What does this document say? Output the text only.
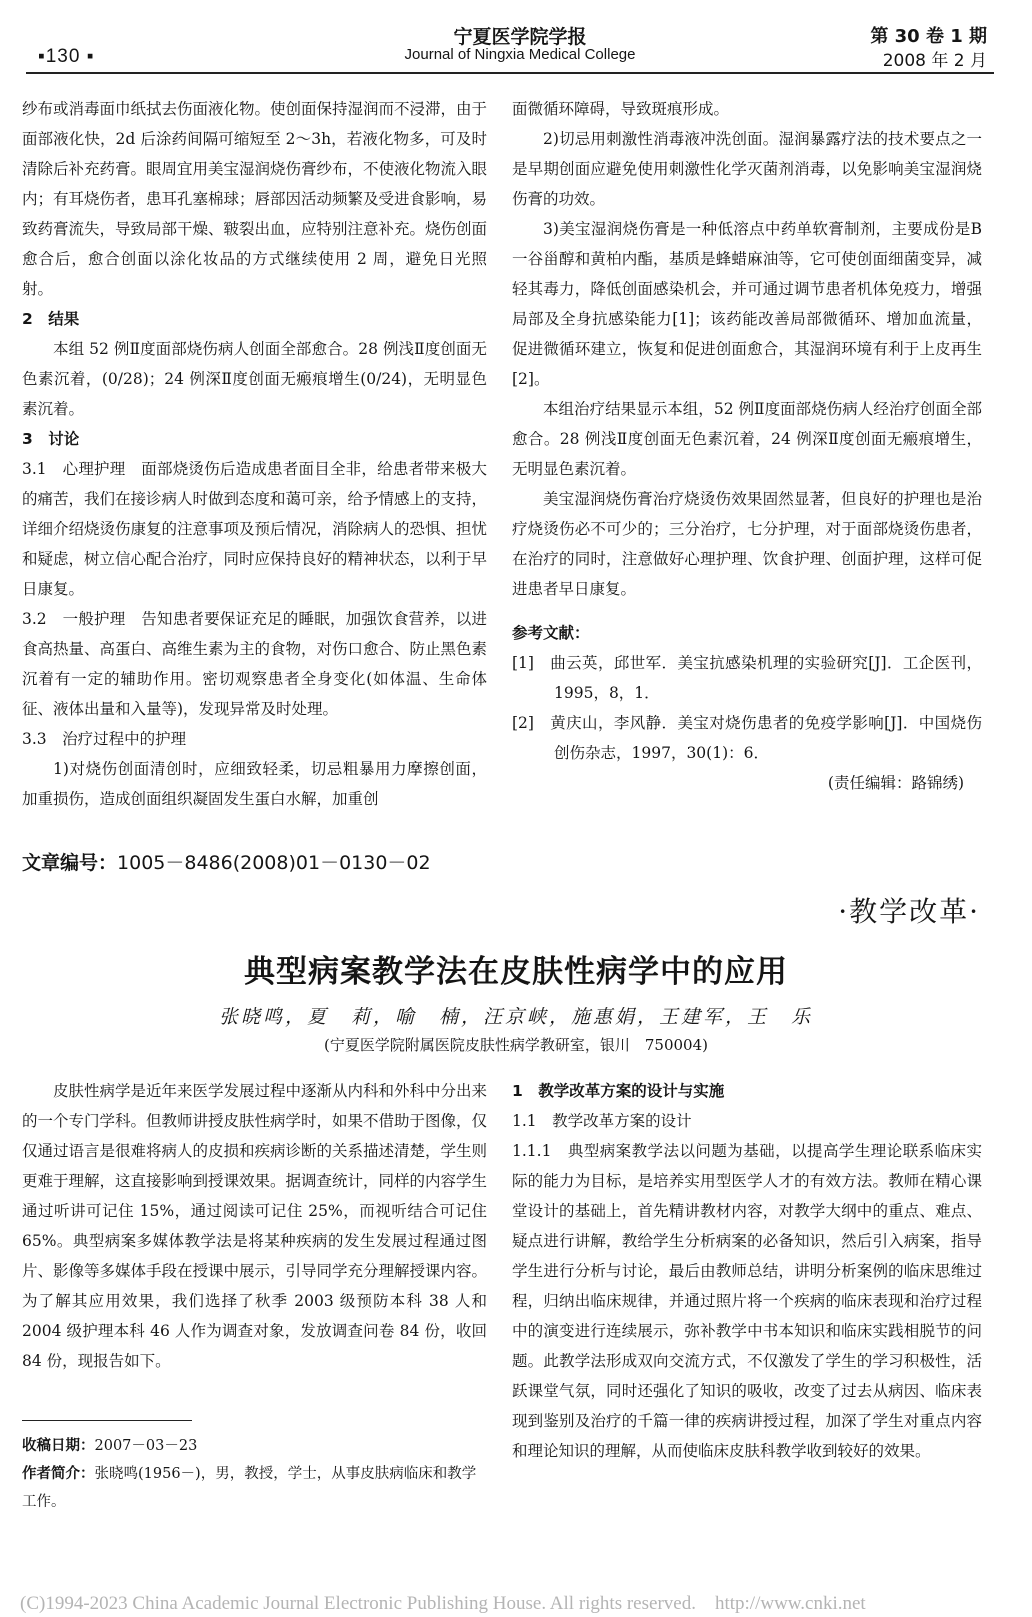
▪130 ▪
宁夏医学院学报
Journal of Ningxia Medical College
第 30 卷 1 期
2008 年 2 月

纱布或消毒面巾纸拭去伤面液化物。使创面保持湿润而不浸滞，由于面部液化快，2d 后涂药间隔可缩短至 2～3h，若液化物多，可及时清除后补充药膏。眼周宜用美宝湿润烧伤膏纱布，不使液化物流入眼内；有耳烧伤者，患耳孔塞棉球；唇部因活动频繁及受进食影响，易致药膏流失，导致局部干燥、皲裂出血，应特别注意补充。烧伤创面愈合后，愈合创面以涂化妆品的方式继续使用 2 周，避免日光照射。

2　结果

本组 52 例Ⅱ度面部烧伤病人创面全部愈合。28 例浅Ⅱ度创面无色素沉着，(0/28)；24 例深Ⅱ度创面无瘢痕增生(0/24)，无明显色素沉着。

3　讨论

3.1　心理护理　面部烧烫伤后造成患者面目全非，给患者带来极大的痛苦，我们在接诊病人时做到态度和蔼可亲，给予情感上的支持，详细介绍烧烫伤康复的注意事项及预后情况，消除病人的恐惧、担忧和疑虑，树立信心配合治疗，同时应保持良好的精神状态，以利于早日康复。

3.2　一般护理　告知患者要保证充足的睡眠，加强饮食营养，以进食高热量、高蛋白、高维生素为主的食物，对伤口愈合、防止黑色素沉着有一定的辅助作用。密切观察患者全身变化(如体温、生命体征、液体出量和入量等)，发现异常及时处理。

3.3　治疗过程中的护理

1)对烧伤创面清创时，应细致轻柔，切忌粗暴用力摩擦创面，加重损伤，造成创面组织凝固发生蛋白水解，加重创

面微循环障碍，导致斑痕形成。

2)切忌用刺激性消毒液冲洗创面。湿润暴露疗法的技术要点之一是早期创面应避免使用刺激性化学灭菌剂消毒，以免影响美宝湿润烧伤膏的功效。

3)美宝湿润烧伤膏是一种低溶点中药单软膏制剂，主要成份是B一谷甾醇和黄柏内酯，基质是蜂蜡麻油等，它可使创面细菌变异，减轻其毒力，降低创面感染机会，并可通过调节患者机体免疫力，增强局部及全身抗感染能力[1]；该药能改善局部微循环、增加血流量，促进微循环建立，恢复和促进创面愈合，其湿润环境有利于上皮再生[2]。

本组治疗结果显示本组，52 例Ⅱ度面部烧伤病人经治疗创面全部愈合。28 例浅Ⅱ度创面无色素沉着，24 例深Ⅱ度创面无瘢痕增生，无明显色素沉着。

美宝湿润烧伤膏治疗烧烫伤效果固然显著，但良好的护理也是治疗烧烫伤必不可少的；三分治疗，七分护理，对于面部烧烫伤患者，在治疗的同时，注意做好心理护理、饮食护理、创面护理，这样可促进患者早日康复。

参考文献：

[1]　曲云英，邱世军．美宝抗感染机理的实验研究[J]．工企医刊，1995，8，1．

[2]　黄庆山，李风静．美宝对烧伤患者的免疫学影响[J]．中国烧伤创伤杂志，1997，30(1)：6．

(责任编辑：路锦绣)

文章编号：1005－8486(2008)01－0130－02
·教学改革·
典型病案教学法在皮肤性病学中的应用
张晓鸣，夏　莉，喻　楠，汪京峡，施惠娟，王建军，王　乐
(宁夏医学院附属医院皮肤性病学教研室，银川　750004)

皮肤性病学是近年来医学发展过程中逐渐从内科和外科中分出来的一个专门学科。但教师讲授皮肤性病学时，如果不借助于图像，仅仅通过语言是很难将病人的皮损和疾病诊断的关系描述清楚，学生则更难于理解，这直接影响到授课效果。据调查统计，同样的内容学生通过听讲可记住 15%，通过阅读可记住 25%，而视听结合可记住 65%。典型病案多媒体教学法是将某种疾病的发生发展过程通过图片、影像等多媒体手段在授课中展示，引导同学充分理解授课内容。为了解其应用效果，我们选择了秋季 2003 级预防本科 38 人和 2004 级护理本科 46 人作为调查对象，发放调查问卷 84 份，收回 84 份，现报告如下。

1　教学改革方案的设计与实施

1.1　教学改革方案的设计

1.1.1　典型病案教学法以问题为基础，以提高学生理论联系临床实际的能力为目标，是培养实用型医学人才的有效方法。教师在精心课堂设计的基础上，首先精讲教材内容，对教学大纲中的重点、难点、疑点进行讲解，教给学生分析病案的必备知识，然后引入病案，指导学生进行分析与讨论，最后由教师总结，讲明分析案例的临床思维过程，归纳出临床规律，并通过照片将一个疾病的临床表现和治疗过程中的演变进行连续展示，弥补教学中书本知识和临床实践相脱节的问题。此教学法形成双向交流方式，不仅激发了学生的学习积极性，活跃课堂气氛，同时还强化了知识的吸收，改变了过去从病因、临床表现到鉴别及治疗的千篇一律的疾病讲授过程，加深了学生对重点内容和理论知识的理解，从而使临床皮肤科教学收到较好的效果。

收稿日期：2007－03－23

作者简介：张晓鸣(1956－)，男，教授，学士，从事皮肤病临床和教学工作。

(C)1994-2023 China Academic Journal Electronic Publishing House. All rights reserved.　http://www.cnki.net
